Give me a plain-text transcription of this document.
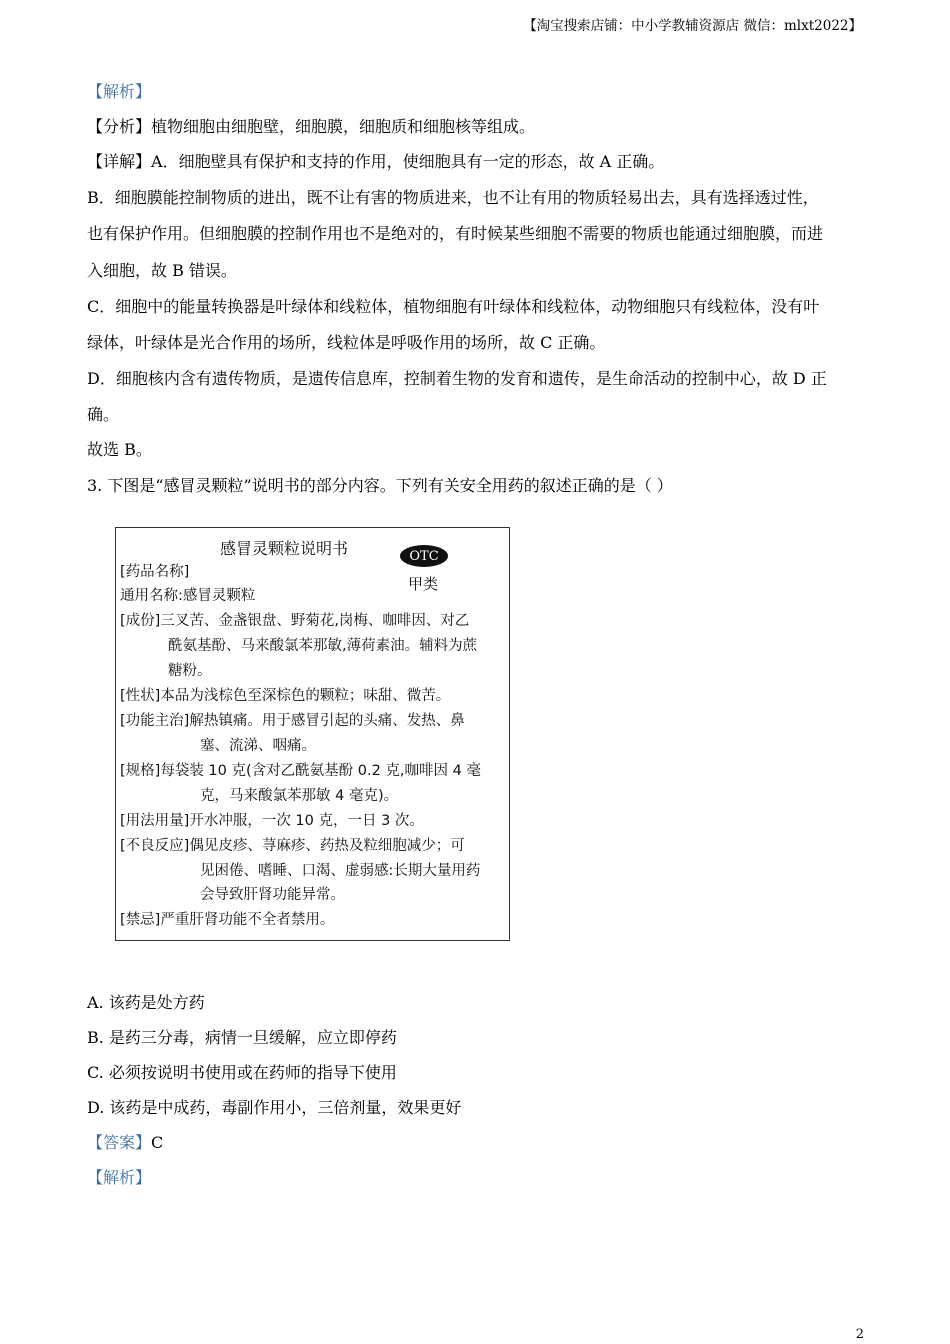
【淘宝搜索店铺：中小学教辅资源店 微信：mlxt2022】
【解析】
【分析】植物细胞由细胞壁，细胞膜，细胞质和细胞核等组成。
【详解】A．细胞壁具有保护和支持的作用，使细胞具有一定的形态，故 A 正确。
B．细胞膜能控制物质的进出，既不让有害的物质进来，也不让有用的物质轻易出去，具有选择透过性，
也有保护作用。但细胞膜的控制作用也不是绝对的，有时候某些细胞不需要的物质也能通过细胞膜，而进
入细胞，故 B 错误。
C．细胞中的能量转换器是叶绿体和线粒体，植物细胞有叶绿体和线粒体，动物细胞只有线粒体，没有叶
绿体，叶绿体是光合作用的场所，线粒体是呼吸作用的场所，故 C 正确。
D．细胞核内含有遗传物质，是遗传信息库，控制着生物的发育和遗传，是生命活动的控制中心，故 D 正
确。
故选 B。
3. 下图是“感冒灵颗粒”说明书的部分内容。下列有关安全用药的叙述正确的是（ ）
A. 该药是处方药
B. 是药三分毒，病情一旦缓解，应立即停药
C. 必须按说明书使用或在药师的指导下使用
D. 该药是中成药，毒副作用小，三倍剂量，效果更好
【答案】C
【解析】
感冒灵颗粒说明书	OTC
甲类
[药品名称]
通用名称:感冒灵颗粒
[成份]三叉苦、金盏银盘、野菊花,岗梅、咖啡因、对乙
酰氨基酚、马来酸氯苯那敏,薄荷素油。辅料为蔗
糖粉。
[性状]本品为浅棕色至深棕色的颗粒；味甜、微苦。
[功能主治]解热镇痛。用于感冒引起的头痛、发热、鼻
塞、流涕、咽痛。
[规格]每袋装 10 克(含对乙酰氨基酚 0.2 克,咖啡因 4 毫
克，马来酸氯苯那敏 4 毫克)。
[用法用量]开水冲服，一次 10 克，一日 3 次。
[不良反应]偶见皮疹、荨麻疹、药热及粒细胞减少；可
见困倦、嗜睡、口渴、虚弱感:长期大量用药
会导致肝肾功能异常。
[禁忌]严重肝肾功能不全者禁用。
2
